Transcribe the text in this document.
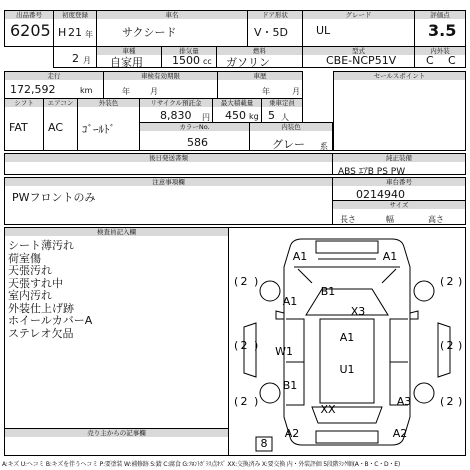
出品番号
6205
初度登録
H 21 年
車名
サクシード
ドア形状
V・5D
グレード
UL
評価点
3.5
2 月
車種
自家用
排気量
1500 cc
燃料
ガソリン
型式
CBE-NCP51V
内外装
C C
走行
172,592	km
車検有効期限
年	月
車歴
年	月
セールスポイント
シフト
FAT
エアコン
AC
外装色
ｺﾞｰﾙﾄﾞ
リサイクル預託金
8,830 円
最大積載量
450 kg
乗車定員
5 人
カラーNo.
586
内装色
グレー 系
後日発送書類	純正装備
ABS ｴｱB PS PW
注意事項欄
PWフロントのみ
車台番号
0214940
サイズ
長さ	幅	高さ
検査員記入欄
シート薄汚れ
荷室傷
天張汚れ
天張すれ中
室内汚れ
外装仕上げ跡
ホイールカバーA
ステレオ欠品
売り主からの記事欄
A1	A1
B1
X3
A1
A1
W1
U1
B1
XX
A3
A2	A2
2	2
2	2
2	2
8
( )	( )
( )	( )
( )	( )
A:キズ U:ヘコミ B:キズを伴うヘコミ P:要塗装 W:補修跡 S:錆 C:腐食 G:ﾌﾛﾝﾄｶﾞﾗｽ点ｷｽﾞ XX:交換済み X:要交換 内・外装評価 5段階ﾗﾝｸ順(A・B・C・D・E)
